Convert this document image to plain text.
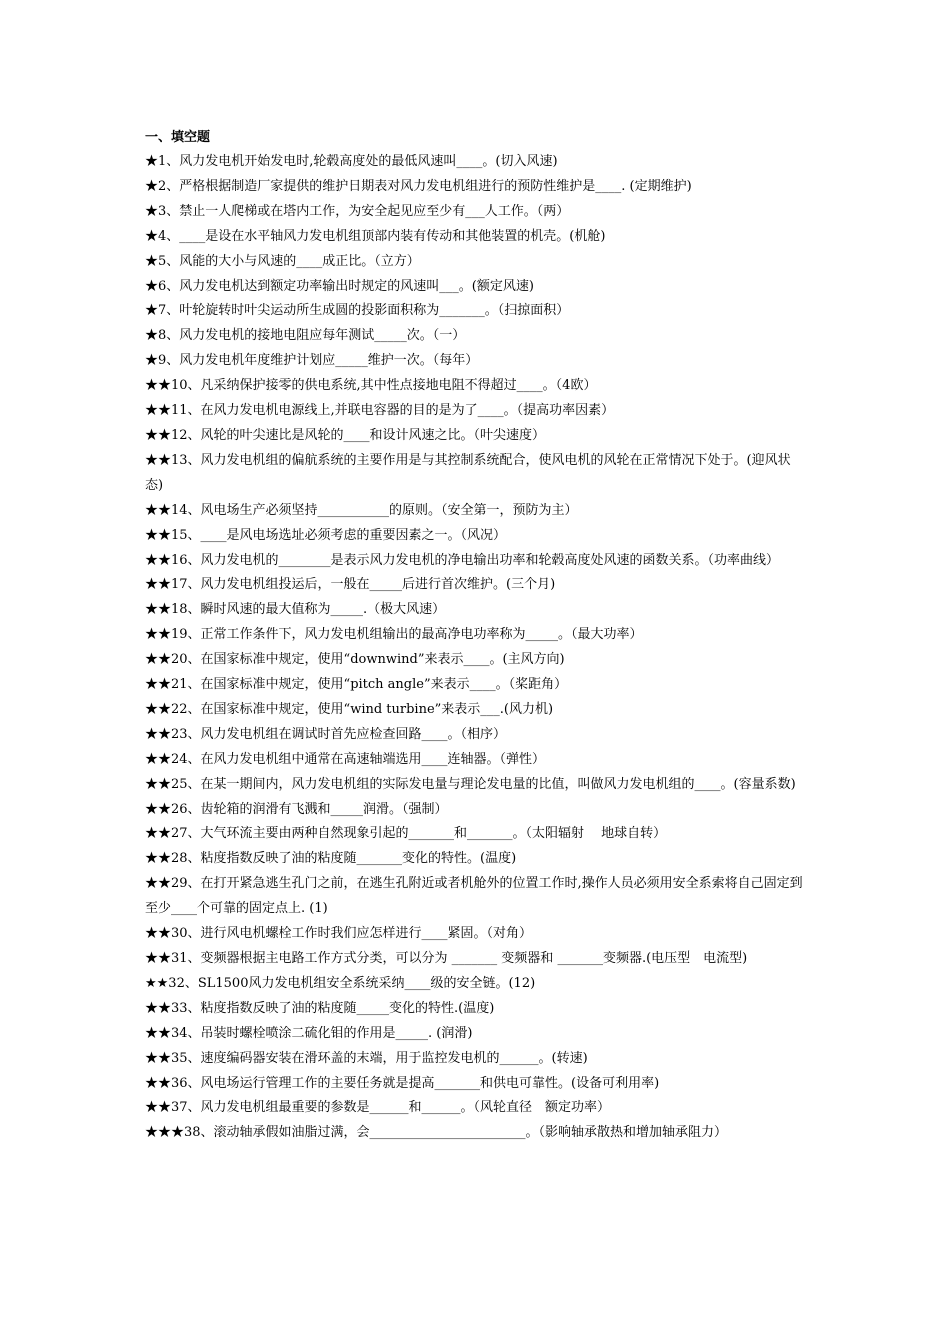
一、填空题

★1、风力发电机开始发电时,轮毂高度处的最低风速叫____。(切入风速)

★2、严格根据制造厂家提供的维护日期表对风力发电机组进行的预防性维护是____. (定期维护)

★3、禁止一人爬梯或在塔内工作，为安全起见应至少有___人工作。（两）

★4、____是设在水平轴风力发电机组顶部内装有传动和其他装置的机壳。(机舱)

★5、风能的大小与风速的____成正比。（立方）

★6、风力发电机达到额定功率输出时规定的风速叫___。(额定风速)

★7、叶轮旋转时叶尖运动所生成圆的投影面积称为_______。（扫掠面积）

★8、风力发电机的接地电阻应每年测试_____次。（一）

★9、风力发电机年度维护计划应_____维护一次。（每年）

★★10、凡采纳保护接零的供电系统,其中性点接地电阻不得超过____。（4欧）

★★11、在风力发电机电源线上,并联电容器的目的是为了____。（提高功率因素）

★★12、风轮的叶尖速比是风轮的____和设计风速之比。（叶尖速度）

★★13、风力发电机组的偏航系统的主要作用是与其控制系统配合，使风电机的风轮在正常情况下处于。(迎风状态)

★★14、风电场生产必须坚持___________的原则。（安全第一，预防为主）

★★15、____是风电场选址必须考虑的重要因素之一。（风况）

★★16、风力发电机的________是表示风力发电机的净电输出功率和轮毂高度处风速的函数关系。（功率曲线）

★★17、风力发电机组投运后，一般在_____后进行首次维护。(三个月)

★★18、瞬时风速的最大值称为_____.（极大风速）

★★19、正常工作条件下，风力发电机组输出的最高净电功率称为_____。（最大功率）

★★20、在国家标准中规定，使用“downwind”来表示____。(主风方向)

★★21、在国家标准中规定，使用“pitch angle”来表示____。（桨距角）

★★22、在国家标准中规定，使用“wind turbine”来表示___.(风力机)

★★23、风力发电机组在调试时首先应检查回路____。（相序）

★★24、在风力发电机组中通常在高速轴端选用____连轴器。（弹性）

★★25、在某一期间内，风力发电机组的实际发电量与理论发电量的比值，叫做风力发电机组的____。(容量系数)

★★26、齿轮箱的润滑有飞溅和_____润滑。（强制）

★★27、大气环流主要由两种自然现象引起的_______和_______。（太阳辐射　 地球自转）

★★28、粘度指数反映了油的粘度随_______变化的特性。(温度)

★★29、在打开紧急逃生孔门之前，在逃生孔附近或者机舱外的位置工作时,操作人员必须用安全系索将自己固定到至少____个可靠的固定点上. (1)

★★30、进行风电机螺栓工作时我们应怎样进行____紧固。（对角）

★★31、变频器根据主电路工作方式分类，可以分为 _______ 变频器和 _______变频器.(电压型　电流型)

★★32、SL1500风力发电机组安全系统采纳____级的安全链。(12)

★★33、粘度指数反映了油的粘度随_____变化的特性.(温度)

★★34、吊装时螺栓喷涂二硫化钼的作用是_____. (润滑)

★★35、速度编码器安装在滑环盖的末端，用于监控发电机的______。(转速)

★★36、风电场运行管理工作的主要任务就是提高_______和供电可靠性。(设备可利用率)

★★37、风力发电机组最重要的参数是______和______。（风轮直径　额定功率）

★★★38、滚动轴承假如油脂过满，会________________________。（影响轴承散热和增加轴承阻力）
